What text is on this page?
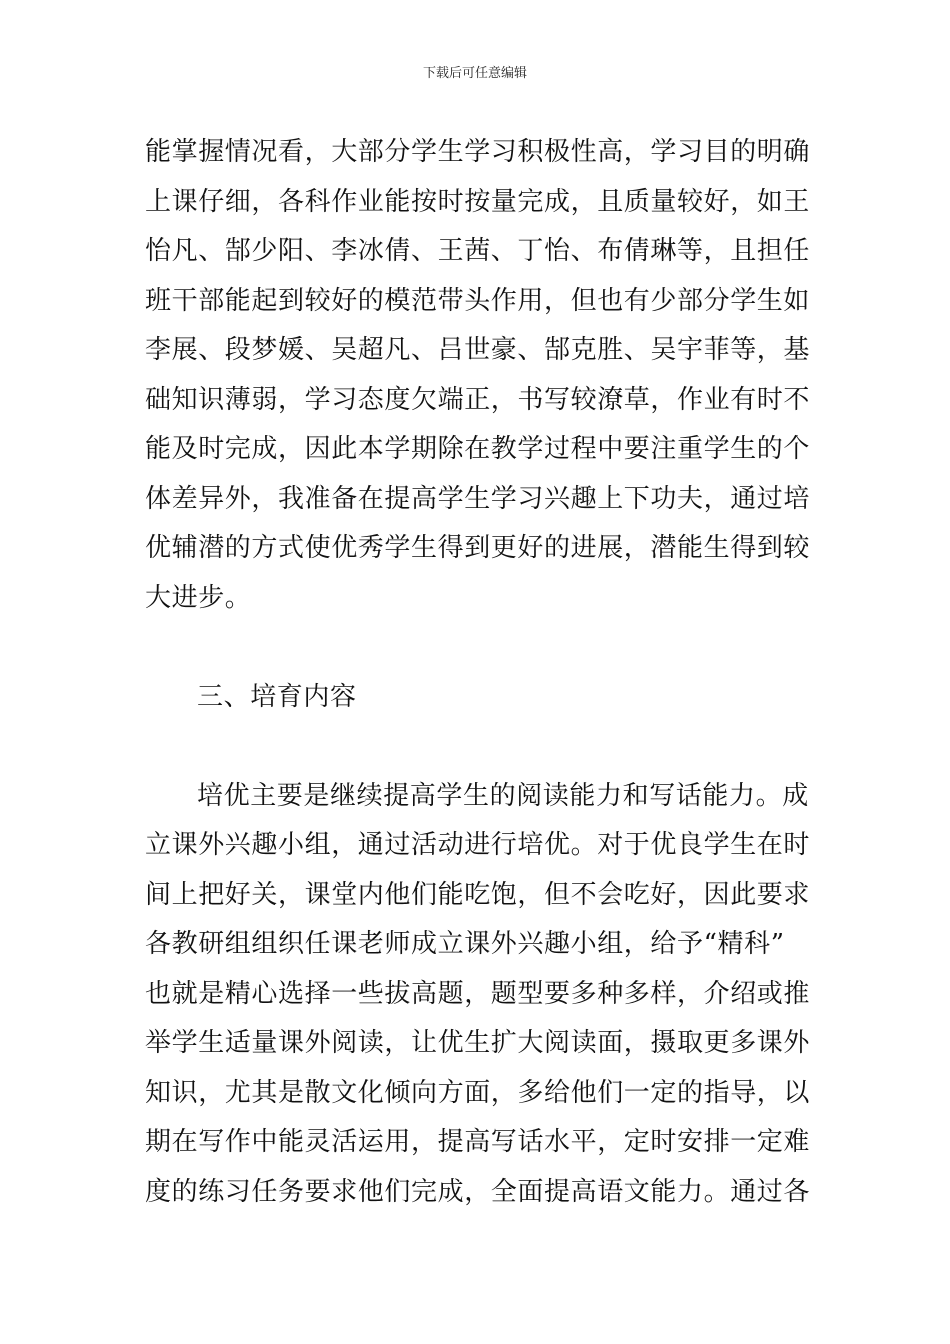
下载后可任意编辑
能掌握情况看，大部分学生学习积极性高，学习目的明确
上课仔细，各科作业能按时按量完成，且质量较好，如王
怡凡、郜少阳、李冰倩、王茜、丁怡、布倩琳等，且担任
班干部能起到较好的模范带头作用，但也有少部分学生如
李展、段梦媛、吴超凡、吕世豪、郜克胜、吴宇菲等，基
础知识薄弱，学习态度欠端正，书写较潦草，作业有时不
能及时完成，因此本学期除在教学过程中要注重学生的个
体差异外，我准备在提高学生学习兴趣上下功夫，通过培
优辅潜的方式使优秀学生得到更好的进展，潜能生得到较
大进步。
三、培育内容
培优主要是继续提高学生的阅读能力和写话能力。成
立课外兴趣小组，通过活动进行培优。对于优良学生在时
间上把好关，课堂内他们能吃饱，但不会吃好，因此要求
各教研组组织任课老师成立课外兴趣小组，给予“精科”
也就是精心选择一些拔高题，题型要多种多样，介绍或推
举学生适量课外阅读，让优生扩大阅读面，摄取更多课外
知识，尤其是散文化倾向方面，多给他们一定的指导，以
期在写作中能灵活运用，提高写话水平，定时安排一定难
度的练习任务要求他们完成，全面提高语文能力。通过各
